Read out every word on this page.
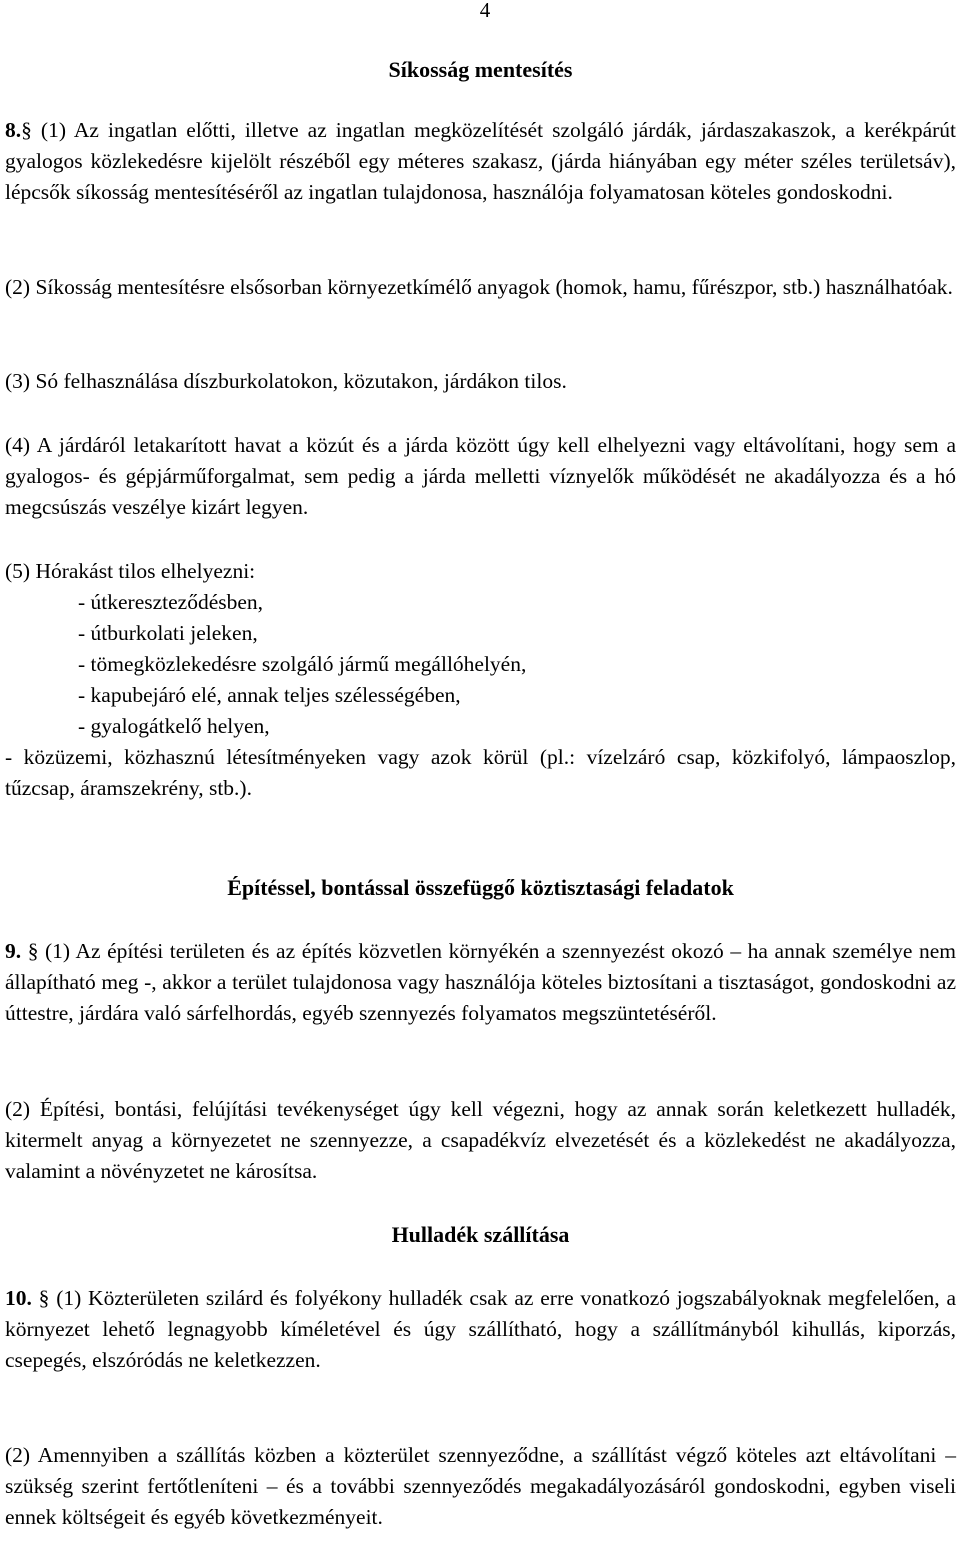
4
Síkosság mentesítés
8.§ (1) Az ingatlan előtti, illetve az ingatlan megközelítését szolgáló járdák, járdaszakaszok, a kerékpárút gyalogos közlekedésre kijelölt részéből egy méteres szakasz, (járda hiányában egy méter széles területsáv), lépcsők síkosság mentesítéséről az ingatlan tulajdonosa, használója folyamatosan köteles gondoskodni.
(2) Síkosság mentesítésre elsősorban környezetkímélő anyagok (homok, hamu, fűrészpor, stb.) használhatóak.
(3) Só felhasználása díszburkolatokon, közutakon, járdákon tilos.
(4) A járdáról letakarított havat a közút és a járda között úgy kell elhelyezni vagy eltávolítani, hogy sem a gyalogos- és gépjárműforgalmat, sem pedig a járda melletti víznyelők működését ne akadályozza és a hó megcsúszás veszélye kizárt legyen.

(5) Hórakást tilos elhelyezni:

- útkereszteződésben,
- útburkolati jeleken,
- tömegközlekedésre szolgáló jármű megállóhelyén,
- kapubejáró elé, annak teljes szélességében,
- gyalogátkelő helyen,

- közüzemi, közhasznú létesítményeken vagy azok körül (pl.: vízelzáró csap, közkifolyó, lámpaoszlop, tűzcsap, áramszekrény, stb.).

Építéssel, bontással összefüggő köztisztasági feladatok
9. § (1) Az építési területen és az építés közvetlen környékén a szennyezést okozó – ha annak személye nem állapítható meg -, akkor a terület tulajdonosa vagy használója köteles biztosítani a tisztaságot, gondoskodni az úttestre, járdára való sárfelhordás, egyéb szennyezés folyamatos megszüntetéséről.
(2) Építési, bontási, felújítási tevékenységet úgy kell végezni, hogy az annak során keletkezett hulladék, kitermelt anyag a környezetet ne szennyezze, a csapadékvíz elvezetését és a közlekedést ne akadályozza, valamint a növényzetet ne károsítsa.
Hulladék szállítása
10. § (1) Közterületen szilárd és folyékony hulladék csak az erre vonatkozó jogszabályoknak megfelelően, a környezet lehető legnagyobb kíméletével és úgy szállítható, hogy a szállítmányból kihullás, kiporzás, csepegés, elszóródás ne keletkezzen.
(2) Amennyiben a szállítás közben a közterület szennyeződne, a szállítást végző köteles azt eltávolítani – szükség szerint fertőtleníteni – és a további szennyeződés megakadályozásáról gondoskodni, egyben viseli ennek költségeit és egyéb következményeit.
